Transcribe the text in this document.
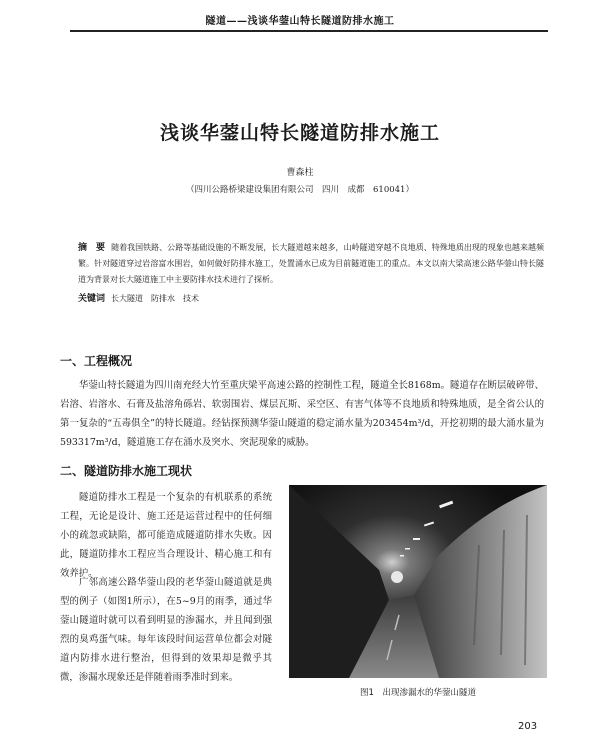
隧道——浅谈华蓥山特长隧道防排水施工
浅谈华蓥山特长隧道防排水施工
曹森柱
（四川公路桥梁建设集团有限公司　四川　成都　610041）
摘　要 随着我国铁路、公路等基础设施的不断发展，长大隧道越来越多，山岭隧道穿越不良地质、特殊地质出现的现象也越来越频繁。针对隧道穿过岩溶富水围岩，如何做好防排水施工，处置涌水已成为目前隧道施工的重点。本文以南大梁高速公路华蓥山特长隧道为背景对长大隧道施工中主要防排水技术进行了探析。
关键词 长大隧道　防排水　技术
一、工程概况

华蓥山特长隧道为四川南充经大竹至重庆梁平高速公路的控制性工程，隧道全长8168m。隧道存在断层破碎带、岩溶、岩溶水、石膏及盐溶角砾岩、软弱围岩、煤层瓦斯、采空区、有害气体等不良地质和特殊地质，是全省公认的第一复杂的“五毒俱全”的特长隧道。经钻探预测华蓥山隧道的稳定涌水量为203454m³/d，开挖初期的最大涌水量为593317m³/d，隧道施工存在涌水及突水、突泥现象的威胁。

二、隧道防排水施工现状

隧道防排水工程是一个复杂的有机联系的系统工程，无论是设计、施工还是运营过程中的任何细小的疏忽或缺陷，都可能造成隧道防排水失败。因此，隧道防排水工程应当合理设计、精心施工和有效养护。

广邻高速公路华蓥山段的老华蓥山隧道就是典型的例子（如图1所示），在5~9月的雨季，通过华蓥山隧道时就可以看到明显的渗漏水，并且闻到强烈的臭鸡蛋气味。每年该段时间运营单位都会对隧道内防排水进行整治，但得到的效果却是微乎其微，渗漏水现象还是伴随着雨季准时到来。

图1　出现渗漏水的华蓥山隧道
203
